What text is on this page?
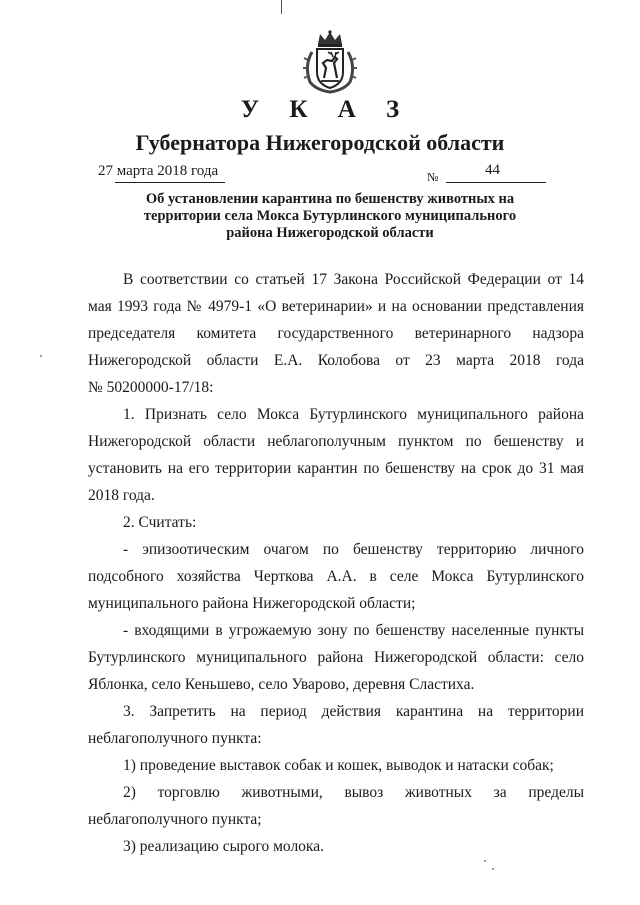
У К А З
Губернатора Нижегородской области
27 марта 2018 года	№	44
Об установлении карантина по бешенству животных на
территории села Мокса Бутурлинского муниципального
района Нижегородской области
В соответствии со статьей 17 Закона Российской Федерации от 14
мая 1993 года № 4979-1 «О ветеринарии» и на основании представления
председателя комитета государственного ветеринарного надзора
Нижегородской области Е.А. Колобова от 23 марта 2018 года
№ 50200000-17/18:
1. Признать село Мокса Бутурлинского муниципального района
Нижегородской области неблагополучным пунктом по бешенству и
установить на его территории карантин по бешенству на срок до 31 мая
2018 года.
2. Считать:
- эпизоотическим очагом по бешенству территорию личного
подсобного хозяйства Черткова А.А. в селе Мокса Бутурлинского
муниципального района Нижегородской области;
- входящими в угрожаемую зону по бешенству населенные пункты
Бутурлинского муниципального района Нижегородской области: село
Яблонка, село Кеньшево, село Уварово, деревня Сластиха.
3. Запретить на период действия карантина на территории
неблагополучного пункта:
1) проведение выставок собак и кошек, выводок и натаски собак;
2) торговлю животными, вывоз животных за пределы
неблагополучного пункта;
3) реализацию сырого молока.
